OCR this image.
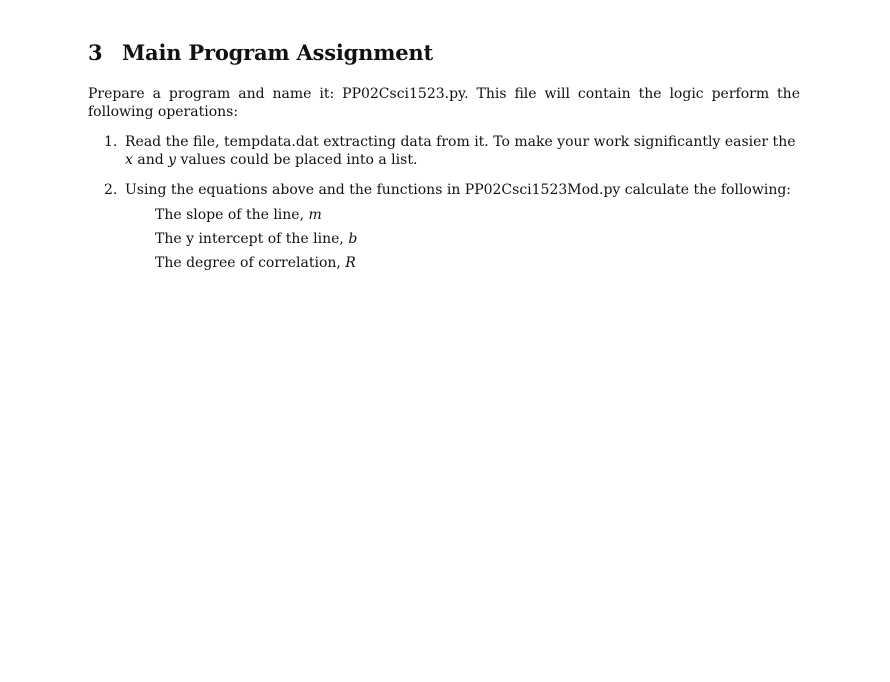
3 Main Program Assignment

Prepare a program and name it: PP02Csci1523.py. This file will contain the logic perform the following operations:

1. Read the file, tempdata.dat extracting data from it. To make your work significantly easier the x and y values could be placed into a list.
2. Using the equations above and the functions in PP02Csci1523Mod.py calculate the following:
The slope of the line, m
The y intercept of the line, b
The degree of correlation, R
